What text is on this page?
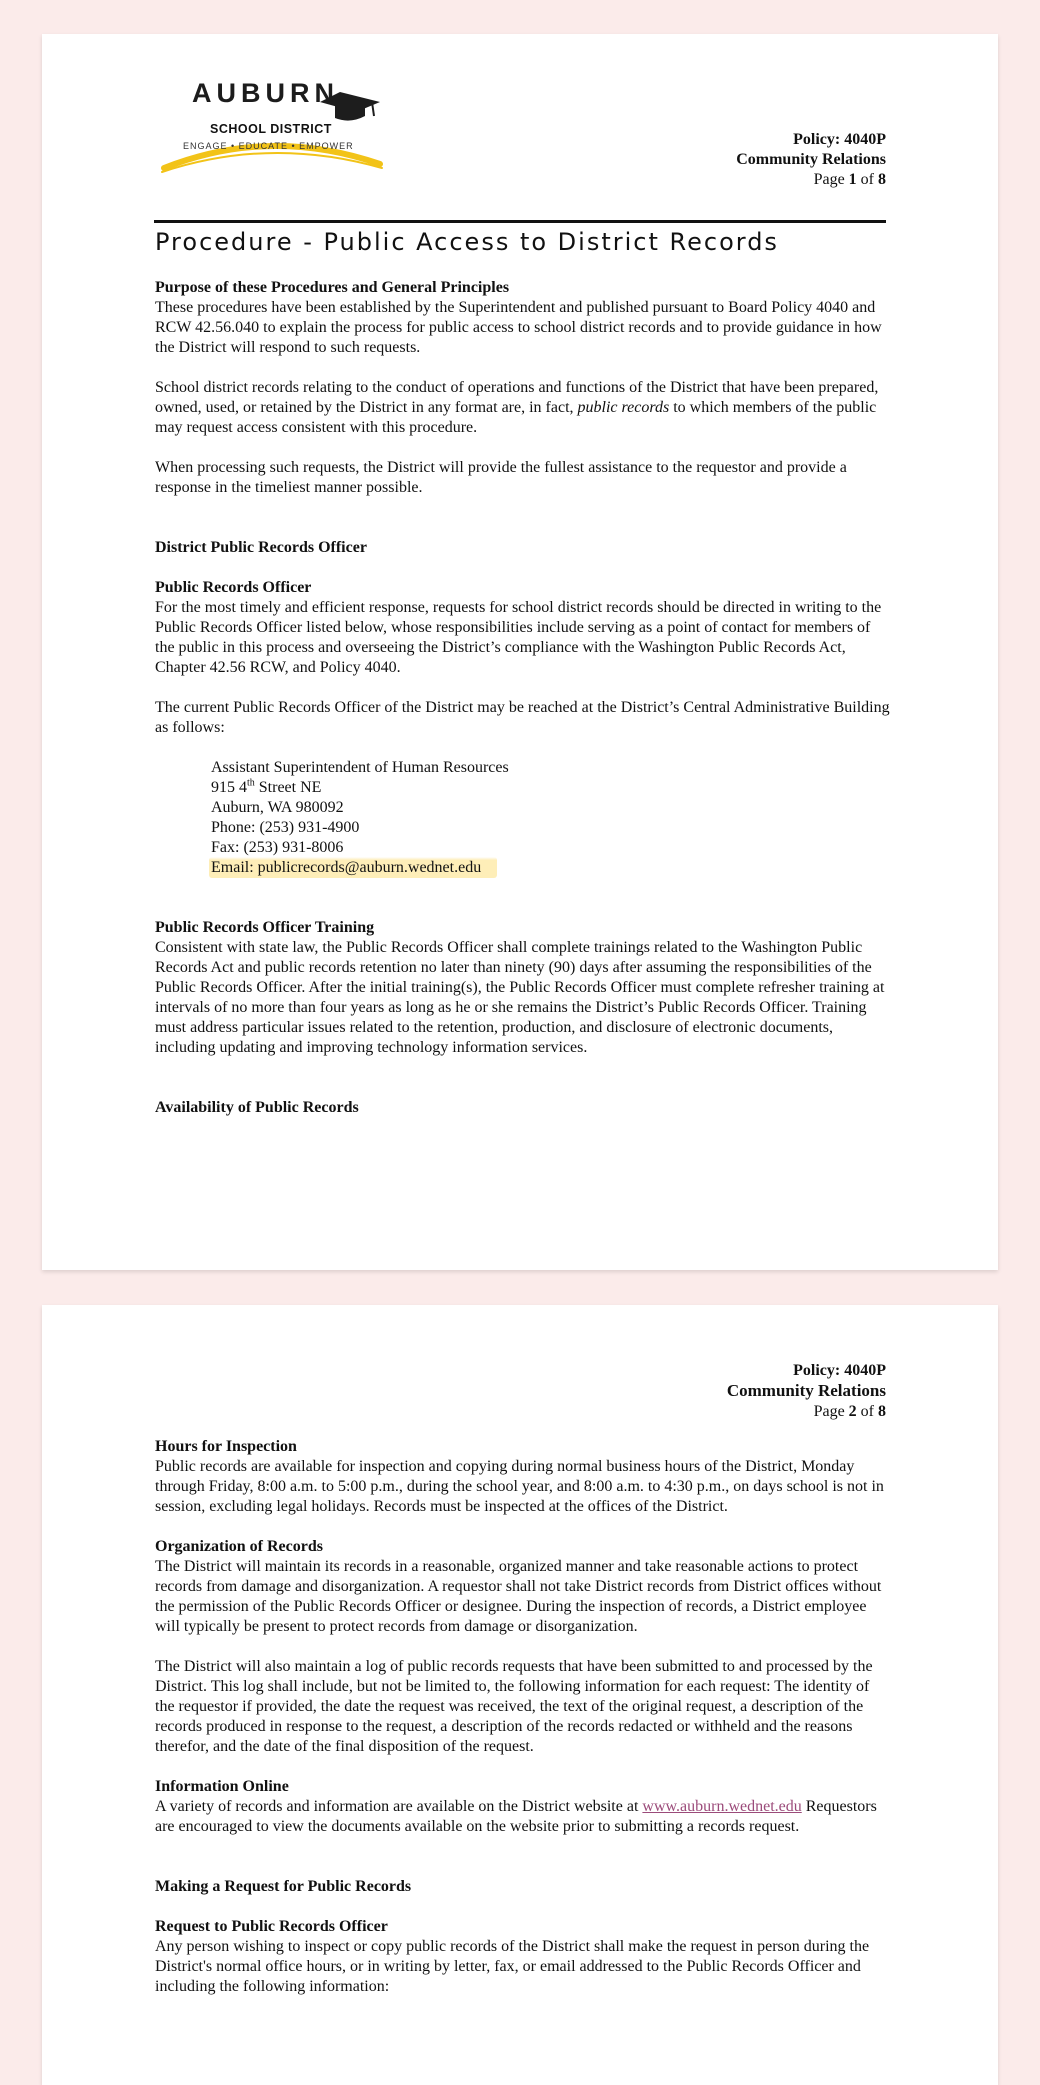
AUBURN
SCHOOL DISTRICT
ENGAGE • EDUCATE • EMPOWER	Policy: 4040P
Community Relations
Page 1 of 8
Procedure - Public Access to District Records
Purpose of these Procedures and General Principles

These procedures have been established by the Superintendent and published pursuant to Board Policy 4040 and RCW 42.56.040 to explain the process for public access to school district records and to provide guidance in how the District will respond to such requests.

School district records relating to the conduct of operations and functions of the District that have been prepared, owned, used, or retained by the District in any format are, in fact, public records to which members of the public may request access consistent with this procedure.

When processing such requests, the District will provide the fullest assistance to the requestor and provide a response in the timeliest manner possible.

District Public Records Officer
Public Records Officer

For the most timely and efficient response, requests for school district records should be directed in writing to the Public Records Officer listed below, whose responsibilities include serving as a point of contact for members of the public in this process and overseeing the District’s compliance with the Washington Public Records Act, Chapter 42.56 RCW, and Policy 4040.

The current Public Records Officer of the District may be reached at the District’s Central Administrative Building as follows:

Assistant Superintendent of Human Resources
915 4th Street NE
Auburn, WA 980092
Phone: (253) 931-4900
Fax: (253) 931-8006
Email: publicrecords@auburn.wednet.edu
Public Records Officer Training

Consistent with state law, the Public Records Officer shall complete trainings related to the Washington Public Records Act and public records retention no later than ninety (90) days after assuming the responsibilities of the Public Records Officer. After the initial training(s), the Public Records Officer must complete refresher training at intervals of no more than four years as long as he or she remains the District’s Public Records Officer. Training must address particular issues related to the retention, production, and disclosure of electronic documents, including updating and improving technology information services.

Availability of Public Records
Policy: 4040P
Community Relations
Page 2 of 8
Hours for Inspection

Public records are available for inspection and copying during normal business hours of the District, Monday through Friday, 8:00 a.m. to 5:00 p.m., during the school year, and 8:00 a.m. to 4:30 p.m., on days school is not in session, excluding legal holidays. Records must be inspected at the offices of the District.

Organization of Records

The District will maintain its records in a reasonable, organized manner and take reasonable actions to protect records from damage and disorganization. A requestor shall not take District records from District offices without the permission of the Public Records Officer or designee. During the inspection of records, a District employee will typically be present to protect records from damage or disorganization.

The District will also maintain a log of public records requests that have been submitted to and processed by the District. This log shall include, but not be limited to, the following information for each request: The identity of the requestor if provided, the date the request was received, the text of the original request, a description of the records produced in response to the request, a description of the records redacted or withheld and the reasons therefor, and the date of the final disposition of the request.

Information Online

A variety of records and information are available on the District website at www.auburn.wednet.edu Requestors are encouraged to view the documents available on the website prior to submitting a records request.

Making a Request for Public Records
Request to Public Records Officer

Any person wishing to inspect or copy public records of the District shall make the request in person during the District's normal office hours, or in writing by letter, fax, or email addressed to the Public Records Officer and including the following information:
